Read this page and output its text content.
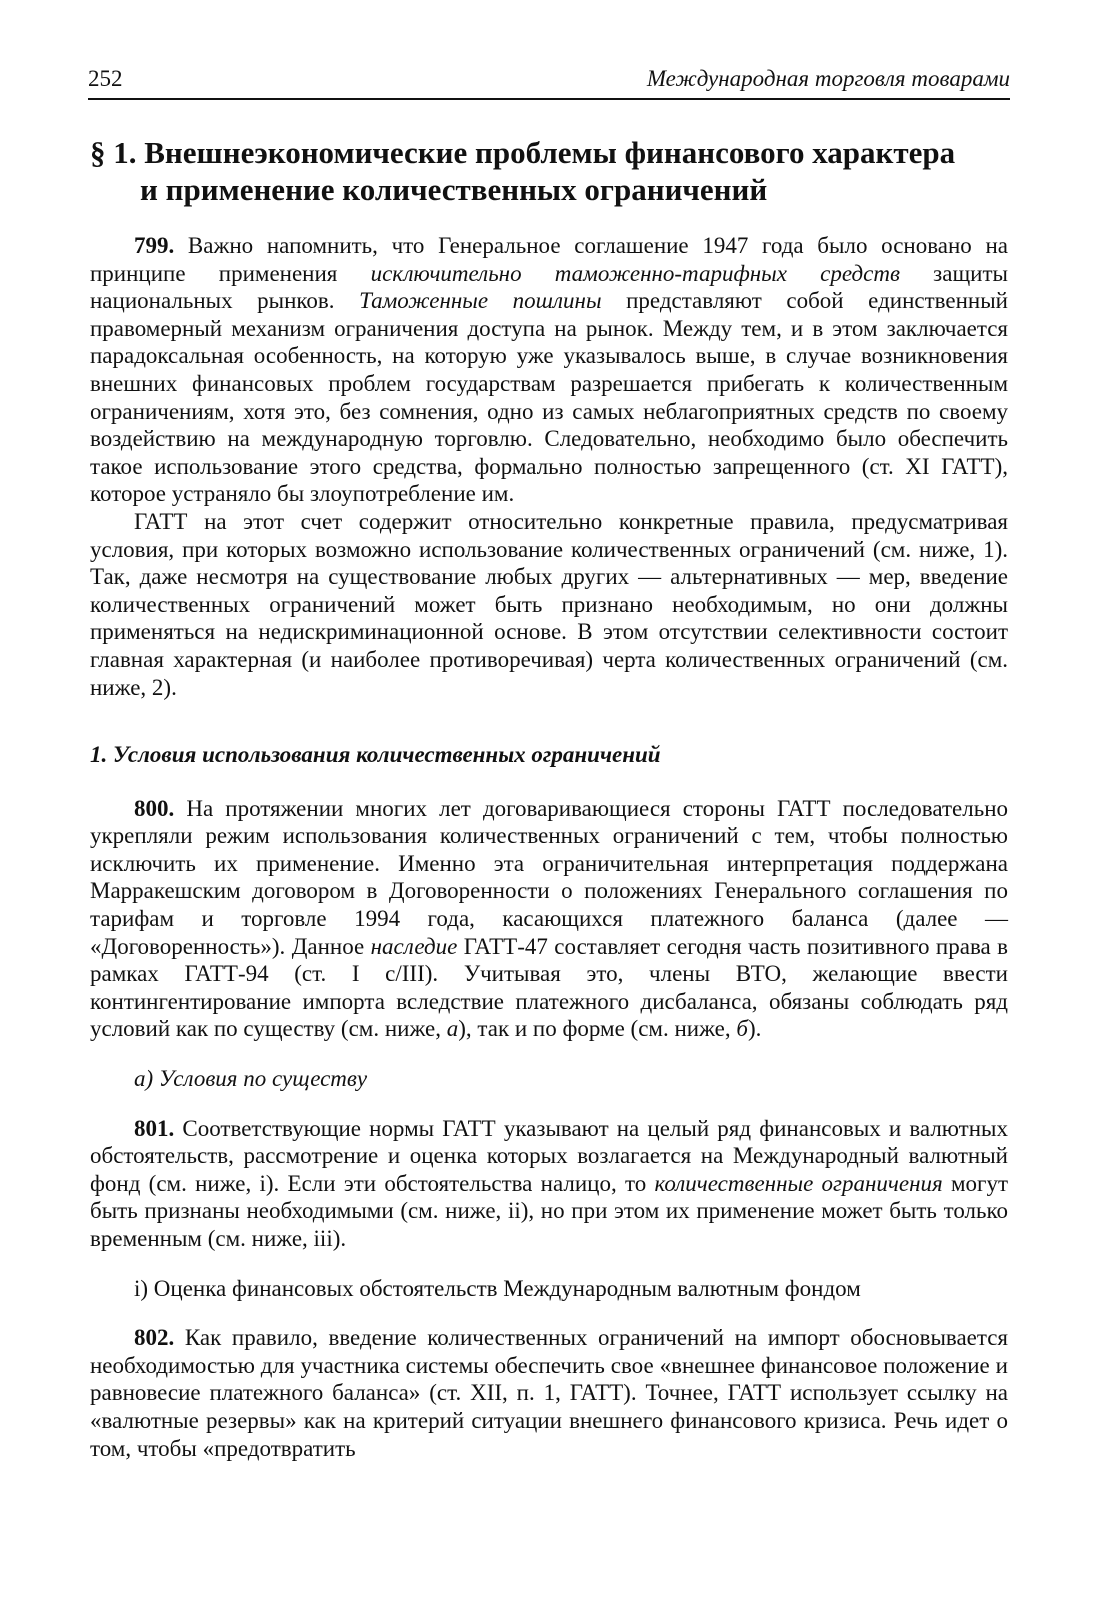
252	Международная торговля товарами
§ 1. Внешнеэкономические проблемы финансового характера
и применение количественных ограничений

799. Важно напомнить, что Генеральное соглашение 1947 года было основано на принципе применения исключительно таможенно-тарифных средств защиты национальных рынков. Таможенные пошлины представляют собой единственный правомерный механизм ограничения доступа на рынок. Между тем, и в этом заключается парадоксальная особенность, на которую уже указывалось выше, в случае возникновения внешних финансовых проблем государствам разрешается прибегать к количественным ограничениям, хотя это, без сомнения, одно из самых неблагоприятных средств по своему воздействию на международную торговлю. Следовательно, необходимо было обеспечить такое использование этого средства, формально полностью запрещенного (ст. XI ГАТТ), которое устраняло бы злоупотребление им.

ГАТТ на этот счет содержит относительно конкретные правила, предусматривая условия, при которых возможно использование количественных ограничений (см. ниже, 1). Так, даже несмотря на существование любых других — альтернативных — мер, введение количественных ограничений может быть признано необходимым, но они должны применяться на недискриминационной основе. В этом отсутствии селективности состоит главная характерная (и наиболее противоречивая) черта количественных ограничений (см. ниже, 2).

1. Условия использования количественных ограничений

800. На протяжении многих лет договаривающиеся стороны ГАТТ последовательно укрепляли режим использования количественных ограничений с тем, чтобы полностью исключить их применение. Именно эта ограничительная интерпретация поддержана Марракешским договором в Договоренности о положениях Генерального соглашения по тарифам и торговле 1994 года, касающихся платежного баланса (далее — «Договоренность»). Данное наследие ГАТТ-47 составляет сегодня часть позитивного права в рамках ГАТТ-94 (ст. I с/III). Учитывая это, члены ВТО, желающие ввести контингентирование импорта вследствие платежного дисбаланса, обязаны соблюдать ряд условий как по существу (см. ниже, а), так и по форме (см. ниже, б).

а) Условия по существу

801. Соответствующие нормы ГАТТ указывают на целый ряд финансовых и валютных обстоятельств, рассмотрение и оценка которых возлагается на Международный валютный фонд (см. ниже, i). Если эти обстоятельства налицо, то количественные ограничения могут быть признаны необходимыми (см. ниже, ii), но при этом их применение может быть только временным (см. ниже, iii).

i) Оценка финансовых обстоятельств Международным валютным фондом

802. Как правило, введение количественных ограничений на импорт обосновывается необходимостью для участника системы обеспечить свое «внешнее финансовое положение и равновесие платежного баланса» (ст. XII, п. 1, ГАТТ). Точнее, ГАТТ использует ссылку на «валютные резервы» как на критерий ситуации внешнего финансового кризиса. Речь идет о том, чтобы «предотвратить
